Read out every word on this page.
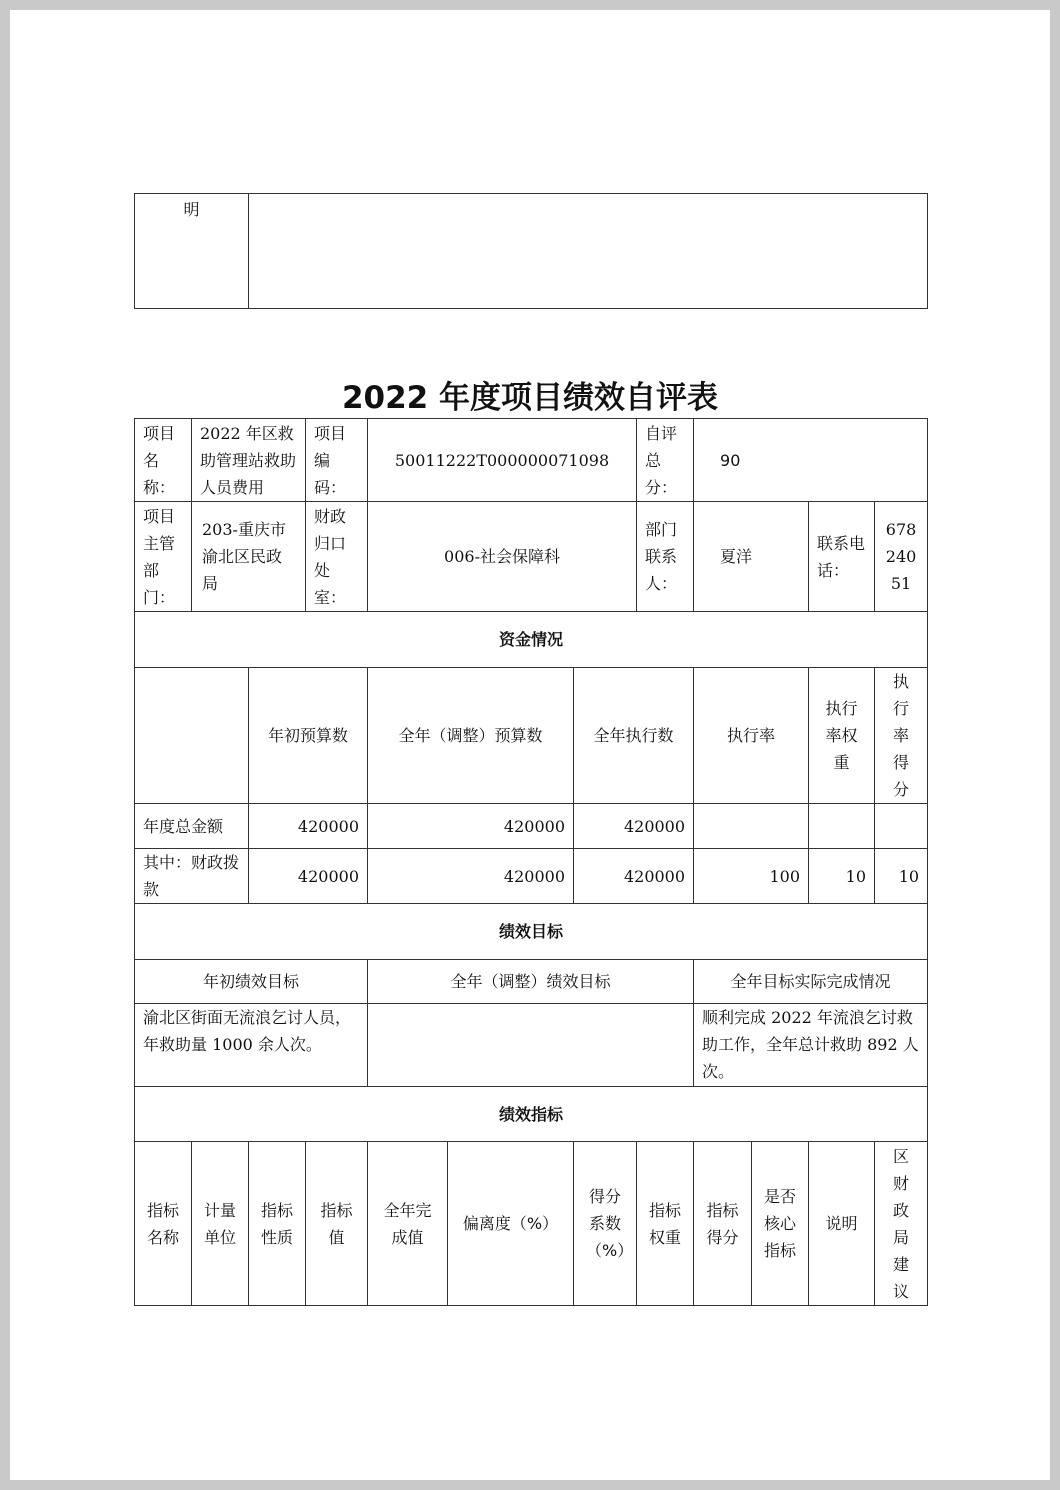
明	
2022 年度项目绩效自评表
项目名称：	2022 年区救助管理站救助人员费用		项目编码：	50011222T000000071098			自评总分：	90			
项目主管部门：	203-重庆市渝北区民政局		财政归口处室：	006-社会保障科			部门联系人：	夏洋		联系电话：	67824051
资金情况											
		年初预算数		全年（调整）预算数		全年执行数		执行率		执行率权重	执行率得分
年度总金额		420000		420000		420000					
其中：财政拨款		420000		420000		420000		100		10	10
绩效目标											
年初绩效目标				全年（调整）绩效目标				全年目标实际完成情况			
渝北区街面无流浪乞讨人员，年救助量 1000 余人次。								顺利完成 2022 年流浪乞讨救助工作，全年总计救助 892 人次。			
绩效指标											
指标名称	计量单位	指标性质	指标值	全年完成值	偏离度（%）	得分系数（%）	指标权重	指标得分	是否核心指标	说明	区财政局建议
